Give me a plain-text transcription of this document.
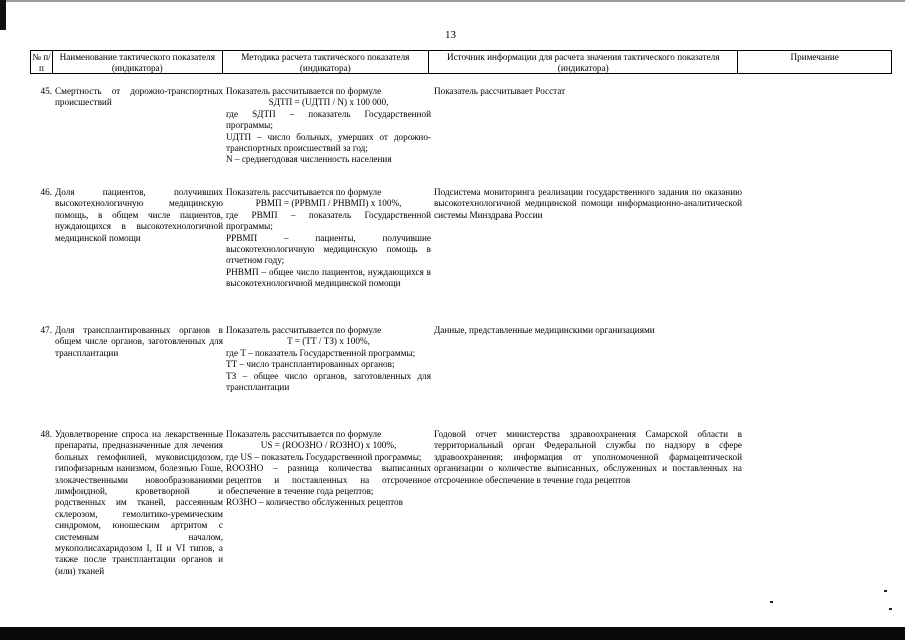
13
№ п/п
Наименование тактического показателя (индикатора)
Методика расчета тактического показателя (индикатора)
Источник информации для расчета значения тактического показателя (индикатора)
Примечание
45. Смертность от дорожно-транспортных происшествий
Показатель рассчитывается по формуле
SДТП = (UДТП / N) х 100 000,
где SДТП – показатель Государственной программы;
UДТП – число больных, умерших от дорожно-транспортных происшествий за год;
N – среднегодовая численность населения
Показатель рассчитывает Росстат
46. Доля пациентов, получивших высокотехнологичную медицинскую помощь, в общем числе пациентов, нуждающихся в высокотехнологичной медицинской помощи
Показатель рассчитывается по формуле
PВМП = (PPВМП / PНВМП) х 100%,
где PВМП – показатель Государственной программы;
PPВМП – пациенты, получившие высокотехнологичную медицинскую помощь в отчетном году;
PНВМП – общее число пациентов, нуждающихся в высокотехнологичной медицинской помощи
Подсистема мониторинга реализации государственного задания по оказанию высокотехнологичной медицинской помощи информационно-аналитической системы Минздрава России
47. Доля трансплантированных органов в общем числе органов, заготовленных для трансплантации
Показатель рассчитывается по формуле
T = (TТ / TЗ) х 100%,
где T – показатель Государственной программы;
TТ – число трансплантированных органов;
TЗ – общее число органов, заготовленных для трансплантации
Данные, представленные медицинскими организациями
48. Удовлетворение спроса на лекарственные препараты, предназначенные для лечения больных гемофилией, муковисцидозом, гипофизарным нанизмом, болезнью Гоше, злокачественными новообразованиями лимфоидной, кроветворной и родственных им тканей, рассеянным склерозом, гемолитико-уремическим синдромом, юношеским артритом с системным началом, мукополисахаридозом I, II и VI типов, а также после трансплантации органов и (или) тканей
Показатель рассчитывается по формуле
US = (RООЗНО / RОЗНО) х 100%,
где US – показатель Государственной программы;
RООЗНО – разница количества выписанных рецептов и поставленных на отсроченное обеспечение в течение года рецептов;
RОЗНО – количество обслуженных рецептов
Годовой отчет министерства здравоохранения Самарской области в территориальный орган Федеральной службы по надзору в сфере здравоохранения; информация от уполномоченной фармацевтической организации о количестве выписанных, обслуженных и поставленных на отсроченное обеспечение в течение года рецептов
